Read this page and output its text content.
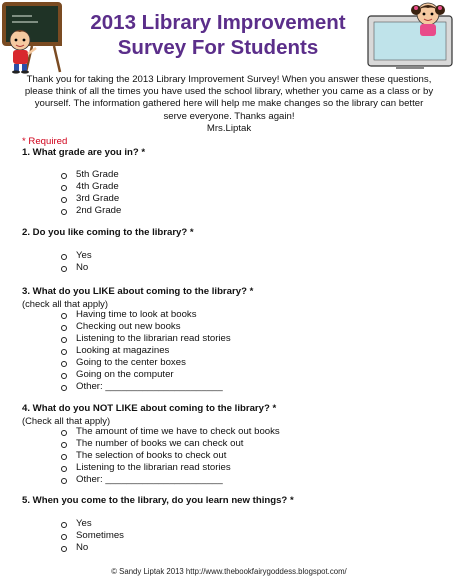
2013 Library Improvement
Survey For Students
Thank you for taking the 2013 Library Improvement Survey! When you answer these questions, please think of all the times you have used the school library, whether you came as a class or by yourself. The information gathered here will help me make changes so the library can better serve everyone. Thanks again!
Mrs.Liptak
* Required
1. What grade are you in? *
5th Grade
4th Grade
3rd Grade
2nd Grade
2. Do you like coming to the library? *
Yes
No
3. What do you LIKE about coming to the library? *
(check all that apply)
Having time to look at books
Checking out new books
Listening to the librarian read stories
Looking at magazines
Going to the center boxes
Going on the computer
Other: ______________________
4. What do you NOT LIKE about coming to the library? *
(Check all that apply)
The amount of time we have to check out books
The number of books we can check out
The selection of books to check out
Listening to the librarian read stories
Other: ______________________
5. When you come to the library, do you learn new things? *
Yes
Sometimes
No
© Sandy Liptak 2013 http://www.thebookfairygoddess.blogspot.com/
